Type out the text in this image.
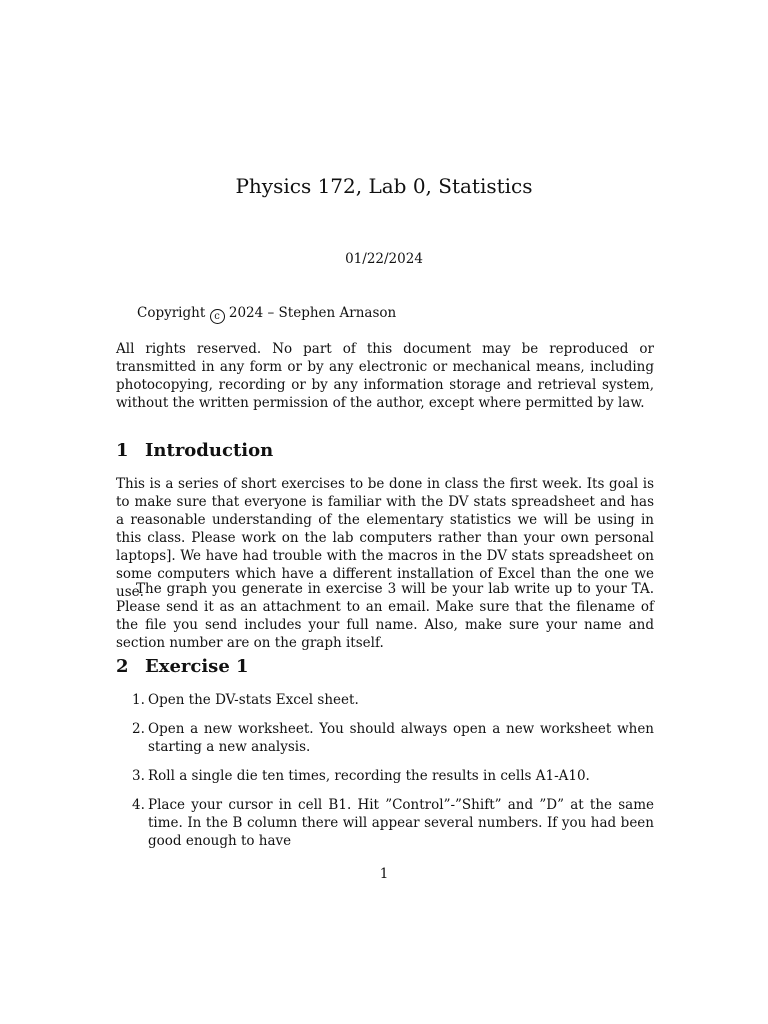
Physics 172, Lab 0, Statistics
01/22/2024
Copyright c 2024 – Stephen Arnason
All rights reserved. No part of this document may be reproduced or transmitted in any form or by any electronic or mechanical means, including photocopying, recording or by any information storage and retrieval system, without the written permission of the author, except where permitted by law.
1 Introduction
This is a series of short exercises to be done in class the first week. Its goal is to make sure that everyone is familiar with the DV stats spreadsheet and has a reasonable understanding of the elementary statistics we will be using in this class. Please work on the lab computers rather than your own personal laptops]. We have had trouble with the macros in the DV stats spreadsheet on some computers which have a different installation of Excel than the one we use.
The graph you generate in exercise 3 will be your lab write up to your TA. Please send it as an attachment to an email. Make sure that the filename of the file you send includes your full name. Also, make sure your name and section number are on the graph itself.
2 Exercise 1
1. Open the DV-stats Excel sheet.
2. Open a new worksheet. You should always open a new worksheet when starting a new analysis.
3. Roll a single die ten times, recording the results in cells A1-A10.
4. Place your cursor in cell B1. Hit ”Control”-”Shift” and ”D” at the same time. In the B column there will appear several numbers. If you had been good enough to have
1
